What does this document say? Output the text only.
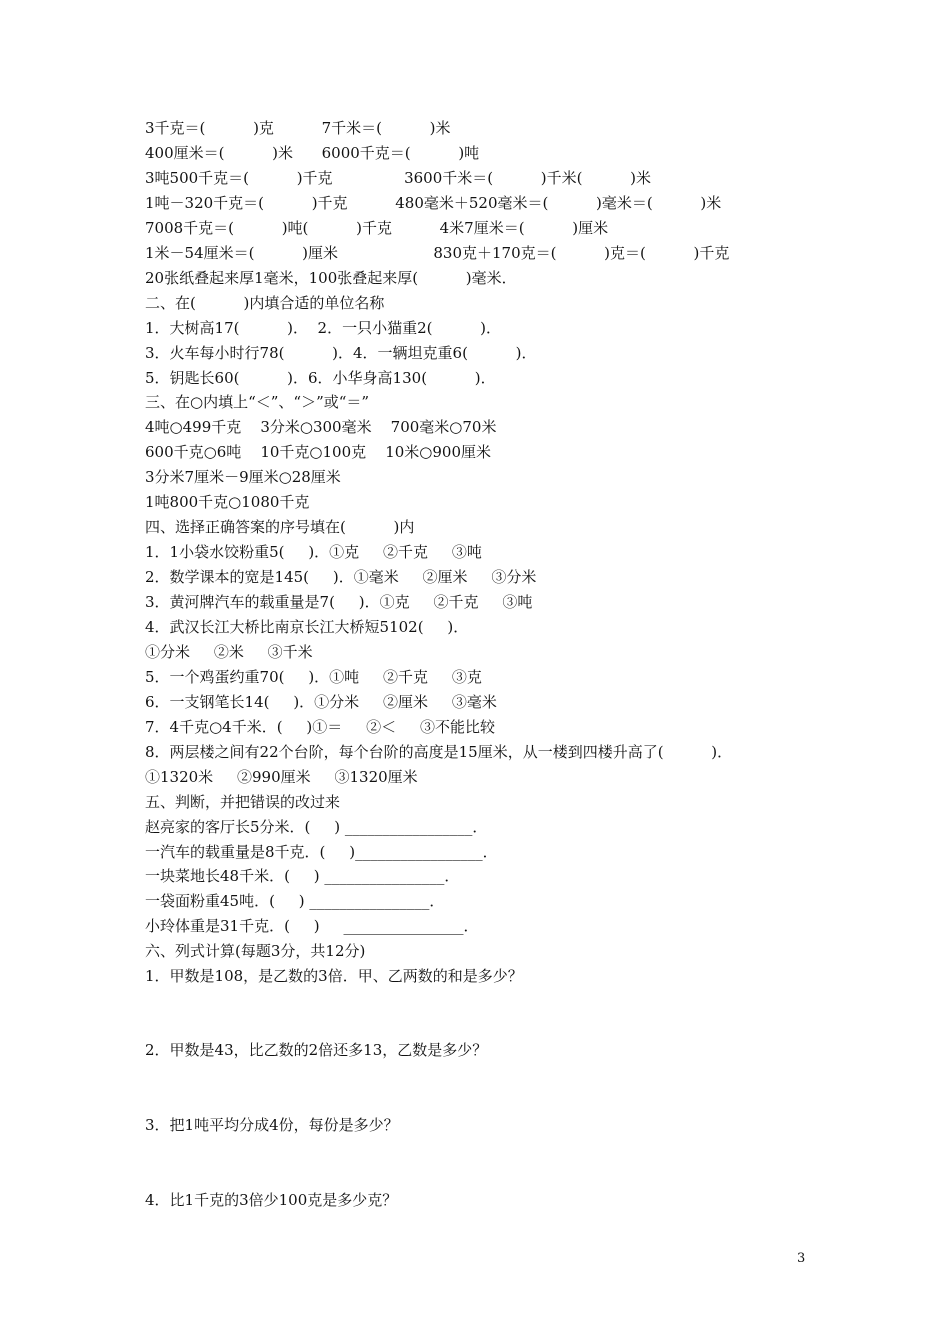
3千克＝(          )克          7千米＝(          )米
400厘米＝(          )米      6000千克＝(          )吨
3吨500千克＝(          )千克               3600千米＝(          )千米(          )米
1吨－320千克＝(          )千克          480毫米＋520毫米＝(          )毫米＝(          )米
7008千克＝(          )吨(          )千克          4米7厘米＝(          )厘米
1米－54厘米＝(          )厘米                    830克＋170克＝(          )克＝(          )千克
20张纸叠起来厚1毫米，100张叠起来厚(          )毫米．
二、在(          )内填合适的单位名称
1．大树高17(          )．  2．一只小猫重2(          )．
3．火车每小时行78(          )．4．一辆坦克重6(          )．
5．钥匙长60(          )．6．小华身高130(          )．
三、在○内填上“＜”、“＞”或“＝”
4吨○499千克    3分米○300毫米    700毫米○70米
600千克○6吨    10千克○100克    10米○900厘米
3分米7厘米－9厘米○28厘米
1吨800千克○1080千克
四、选择正确答案的序号填在(          )内
1．1小袋水饺粉重5(     )．①克     ②千克     ③吨
2．数学课本的宽是145(     )．①毫米     ②厘米     ③分米
3．黄河牌汽车的载重量是7(     )．①克     ②千克     ③吨
4．武汉长江大桥比南京长江大桥短5102(     )．
①分米     ②米     ③千米
5．一个鸡蛋约重70(     )．①吨     ②千克     ③克
6．一支钢笔长14(     )．①分米     ②厘米     ③毫米
7．4千克○4千米．(     )①＝     ②＜     ③不能比较
8．两层楼之间有22个台阶，每个台阶的高度是15厘米，从一楼到四楼升高了(          )．
①1320米     ②990厘米     ③1320厘米
五、判断，并把错误的改过来
赵亮家的客厅长5分米．(     ) _________________．
一汽车的载重量是8千克．(     )_________________．
一块菜地长48千米．(     ) ________________．
一袋面粉重45吨．(     ) ________________．
小玲体重是31千克．(     )     ________________．
六、列式计算(每题3分，共12分)
1．甲数是108，是乙数的3倍．甲、乙两数的和是多少？
2．甲数是43，比乙数的2倍还多13，乙数是多少？
3．把1吨平均分成4份，每份是多少？
4．比1千克的3倍少100克是多少克？
3
